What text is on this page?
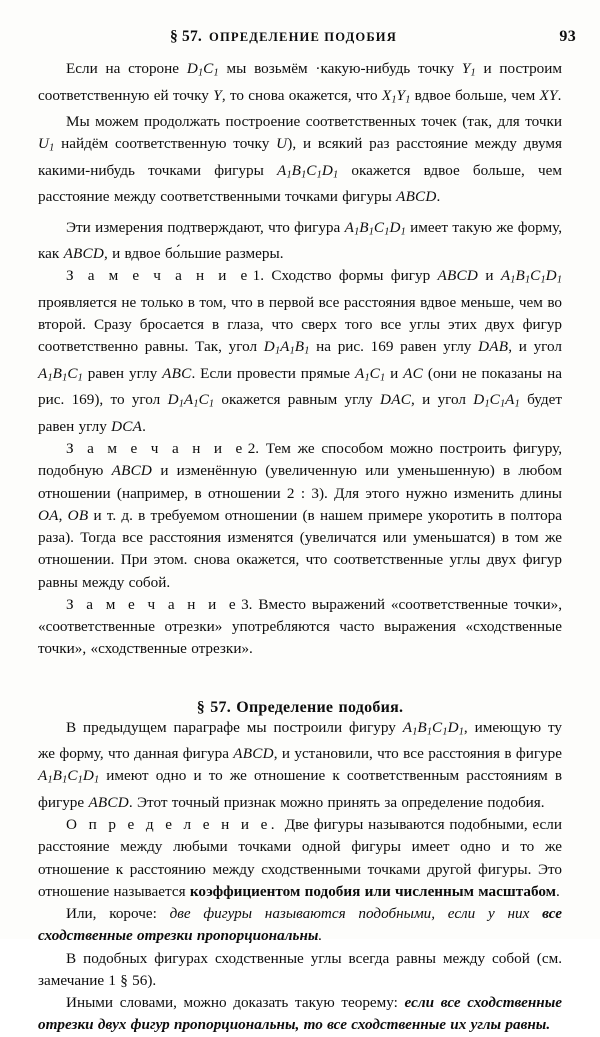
§ 57. ОПРЕДЕЛЕНИЕ ПОДОБИЯ	93

Если на стороне $D_1C_1$ мы возьмём ·какую-нибудь точку $Y_1$ и построим соответственную ей точку Y, то снова окажется, что $X_1Y_1$ вдвое больше, чем XY.

Мы можем продолжать построение соответственных точек (так, для точки $U_1$ найдём соответственную точку U), и всякий раз расстояние между двумя какими-нибудь точками фигуры $A_1B_1C_1D_1$ окажется вдвое больше, чем расстояние между соответственными точками фигуры ABCD.

Эти измерения подтверждают, что фигура $A_1B_1C_1D_1$ имеет такую же форму, как ABCD, и вдвое бо́льшие размеры.

З а м е ч а н и е 1. Сходство формы фигур ABCD и $A_1B_1C_1D_1$ проявляется не только в том, что в первой все расстояния вдвое меньше, чем во второй. Сразу бросается в глаза, что сверх того все углы этих двух фигур соответственно равны. Так, угол $D_1A_1B_1$ на рис. 169 равен углу DAB, и угол $A_1B_1C_1$ равен углу ABC. Если провести прямые $A_1C_1$ и AC (они не показаны на рис. 169), то угол $D_1A_1C_1$ окажется равным углу DAC, и угол $D_1C_1A_1$ будет равен углу DCA.

З а м е ч а н и е 2. Тем же способом можно построить фигуру, подобную ABCD и изменённую (увеличенную или уменьшенную) в любом отношении (например, в отношении 2 : 3). Для этого нужно изменить длины OA, OB и т. д. в требуемом отношении (в нашем примере укоротить в полтора раза). Тогда все расстояния изменятся (увеличатся или уменьшатся) в том же отношении. При этом. снова окажется, что соответственные углы двух фигур равны между собой.

З а м е ч а н и е 3. Вместо выражений «соответственные точки», «соответственные отрезки» употребляются часто выражения «сходственные точки», «сходственные отрезки».

§ 57. Определение подобия.

В предыдущем параграфе мы построили фигуру $A_1B_1C_1D_1$, имеющую ту же форму, что данная фигура ABCD, и установили, что все расстояния в фигуре $A_1B_1C_1D_1$ имеют одно и то же отношение к соответственным расстояниям в фигуре ABCD. Этот точный признак можно принять за определение подобия.

О п р е д е л е н и е. Две фигуры называются подобными, если расстояние между любыми точками одной фигуры имеет одно и то же отношение к расстоянию между сходственными точками другой фигуры. Это отношение называется коэффициентом подобия или численным масштабом.

Или, короче: две фигуры называются подобными, если у них все сходственные отрезки пропорциональны.

В подобных фигурах сходственные углы всегда равны между собой (см. замечание 1 § 56).

Иными словами, можно доказать такую теорему: если все сходственные отрезки двух фигур пропорциональны, то все сходственные их углы равны.
